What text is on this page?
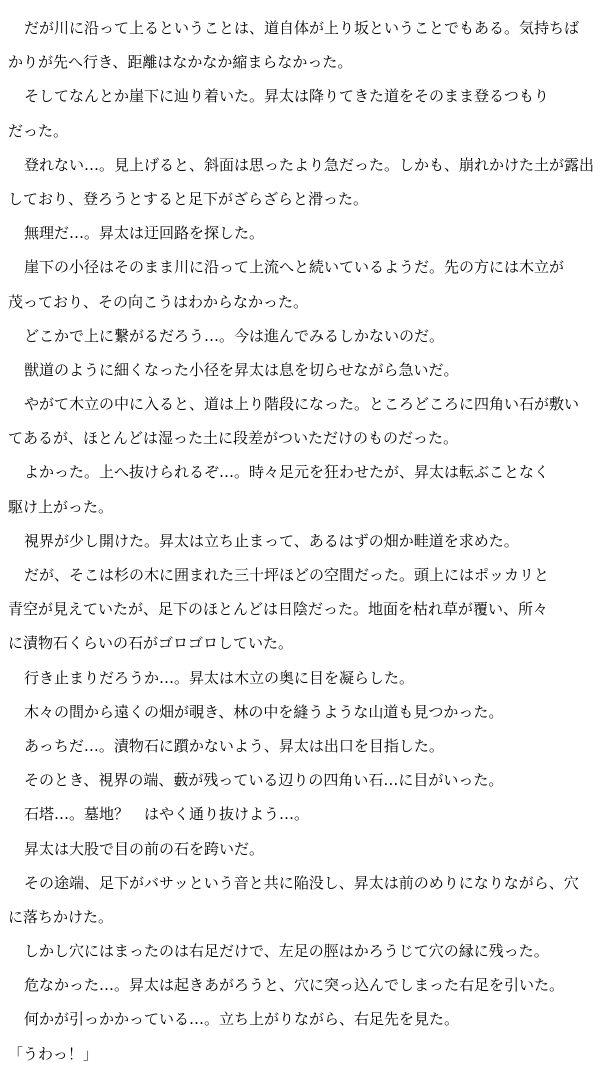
だが川に沿って上るということは、道自体が上り坂ということでもある。気持ちば
かりが先へ行き、距離はなかなか縮まらなかった。
そしてなんとか崖下に辿り着いた。昇太は降りてきた道をそのまま登るつもり
だった。
登れない…。見上げると、斜面は思ったより急だった。しかも、崩れかけた土が露出
しており、登ろうとすると足下がざらざらと滑った。
無理だ…。昇太は迂回路を探した。
崖下の小径はそのまま川に沿って上流へと続いているようだ。先の方には木立が
茂っており、その向こうはわからなかった。
どこかで上に繋がるだろう…。今は進んでみるしかないのだ。
獣道のように細くなった小径を昇太は息を切らせながら急いだ。
やがて木立の中に入ると、道は上り階段になった。ところどころに四角い石が敷い
てあるが、ほとんどは湿った土に段差がついただけのものだった。
よかった。上へ抜けられるぞ…。時々足元を狂わせたが、昇太は転ぶことなく
駆け上がった。
視界が少し開けた。昇太は立ち止まって、あるはずの畑か畦道を求めた。
だが、そこは杉の木に囲まれた三十坪ほどの空間だった。頭上にはポッカリと
青空が見えていたが、足下のほとんどは日陰だった。地面を枯れ草が覆い、所々
に漬物石くらいの石がゴロゴロしていた。
行き止まりだろうか…。昇太は木立の奥に目を凝らした。
木々の間から遠くの畑が覗き、林の中を縫うような山道も見つかった。
あっちだ…。漬物石に躓かないよう、昇太は出口を目指した。
そのとき、視界の端、藪が残っている辺りの四角い石…に目がいった。
石塔…。墓地？　はやく通り抜けよう…。
昇太は大股で目の前の石を跨いだ。
その途端、足下がバサッという音と共に陥没し、昇太は前のめりになりながら、穴
に落ちかけた。
しかし穴にはまったのは右足だけで、左足の脛はかろうじて穴の縁に残った。
危なかった…。昇太は起きあがろうと、穴に突っ込んでしまった右足を引いた。
何かが引っかかっている…。立ち上がりながら、右足先を見た。
「うわっ！」
